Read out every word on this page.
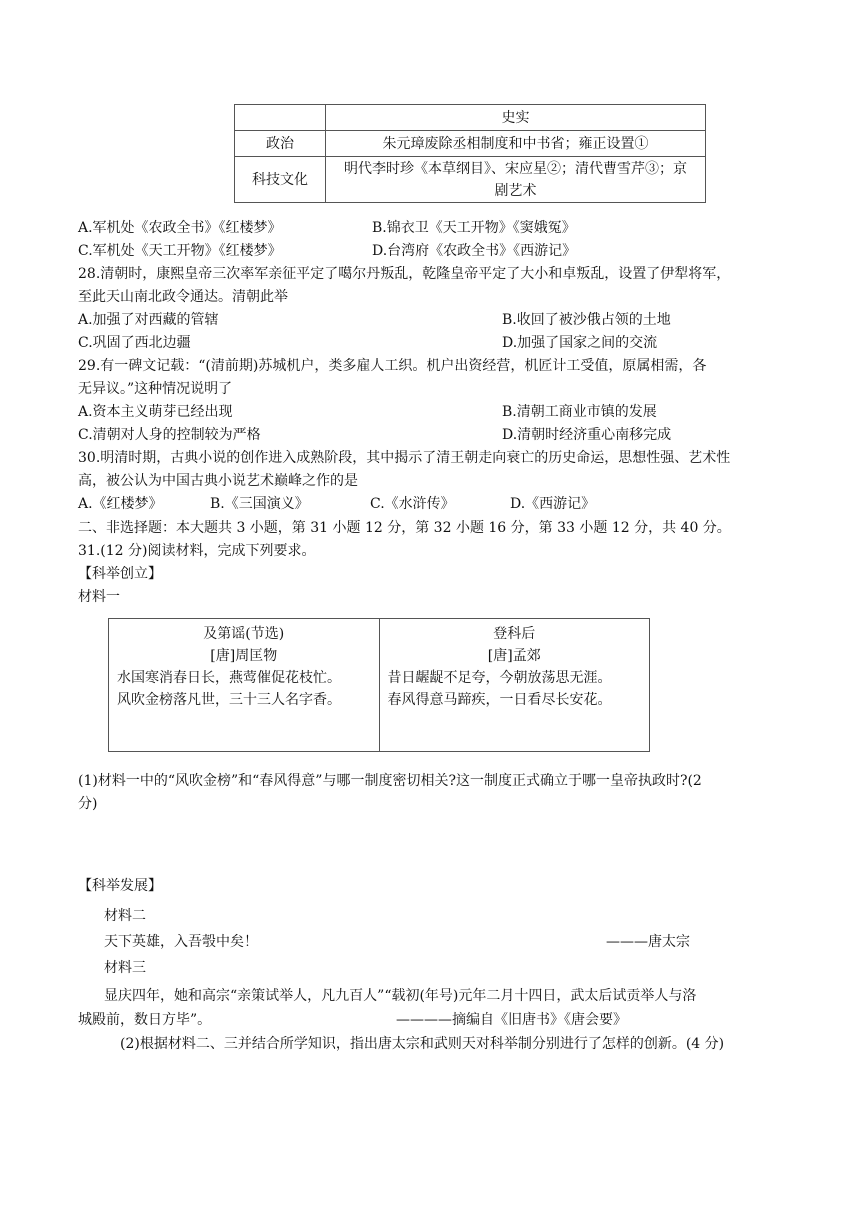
	史实
政治	朱元璋废除丞相制度和中书省；雍正设置①
科技文化	明代李时珍《本草纲目》、宋应星②；清代曹雪芹③；京
剧艺术
A.军机处《农政全书》《红楼梦》	B.锦衣卫《天工开物》《窦娥冤》
C.军机处《天工开物》《红楼梦》	D.台湾府《农政全书》《西游记》
28.清朝时，康熙皇帝三次率军亲征平定了噶尔丹叛乱，乾隆皇帝平定了大小和卓叛乱，设置了伊犁将军，
至此天山南北政令通达。清朝此举
A.加强了对西藏的管辖	B.收回了被沙俄占领的土地
C.巩固了西北边疆	D.加强了国家之间的交流
29.有一碑文记载：“(清前期)苏城机户，类多雇人工织。机户出资经营，机匠计工受值，原属相需，各
无异议。”这种情况说明了
A.资本主义萌芽已经出现	B.清朝工商业市镇的发展
C.清朝对人身的控制较为严格	D.清朝时经济重心南移完成
30.明清时期，古典小说的创作进入成熟阶段，其中揭示了清王朝走向衰亡的历史命运，思想性强、艺术性
高，被公认为中国古典小说艺术巅峰之作的是
A.《红楼梦》	B.《三国演义》	C.《水浒传》	D.《西游记》
二、非选择题：本大题共 3 小题，第 31 小题 12 分，第 32 小题 16 分，第 33 小题 12 分，共 40 分。
31.(12 分)阅读材料，完成下列要求。
【科举创立】
材料一
及第谣(节选)
[唐]周匡物
水国寒消春日长，燕莺催促花枝忙。
风吹金榜落凡世，三十三人名字香。

登科后
[唐]孟郊
昔日龌龊不足夸，今朝放荡思无涯。
春风得意马蹄疾，一日看尽长安花。
(1)材料一中的“风吹金榜”和“春风得意”与哪一制度密切相关?这一制度正式确立于哪一皇帝执政时?(2
分)
【科举发展】
材料二
天下英雄，入吾彀中矣！	———唐太宗
材料三
显庆四年，她和高宗“亲策试举人，凡九百人”“载初(年号)元年二月十四日，武太后试贡举人与洛
城殿前，数日方毕”。	————摘编自《旧唐书》《唐会要》
(2)根据材料二、三并结合所学知识，指出唐太宗和武则天对科举制分别进行了怎样的创新。(4 分)
